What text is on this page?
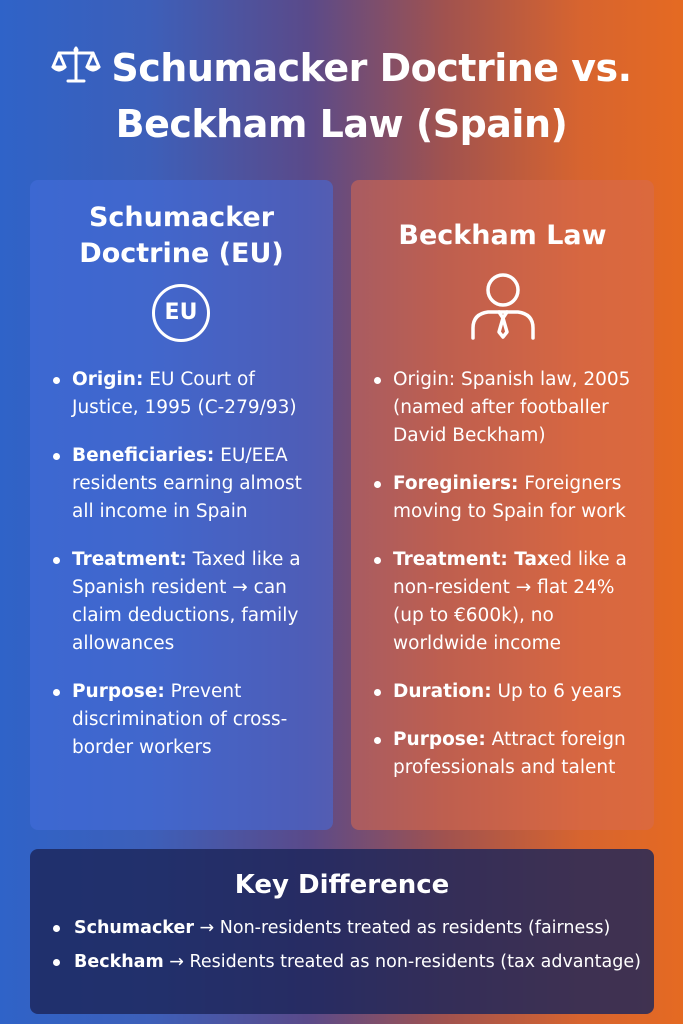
Schumacker Doctrine vs.
Beckham Law (Spain)
Schumacker
Doctrine (EU)
EU
Origin: EU Court of Justice, 1995 (C-279/93)
Beneficiaries: EU/EEA residents earning almost all income in Spain
Treatment: Taxed like a Spanish resident → can claim deductions, family allowances
Purpose: Prevent discrimination of cross-border workers
Beckham Law
Origin: Spanish law, 2005 (named after footballer David Beckham)
Foreginiers: Foreigners moving to Spain for work
Treatment: Taxed like a non-resident → flat 24% (up to €600k), no worldwide income
Duration: Up to 6 years
Purpose: Attract foreign professionals and talent
Key Difference
Schumacker → Non-residents treated as residents (fairness)
Beckham → Residents treated as non-residents (tax advantage)
